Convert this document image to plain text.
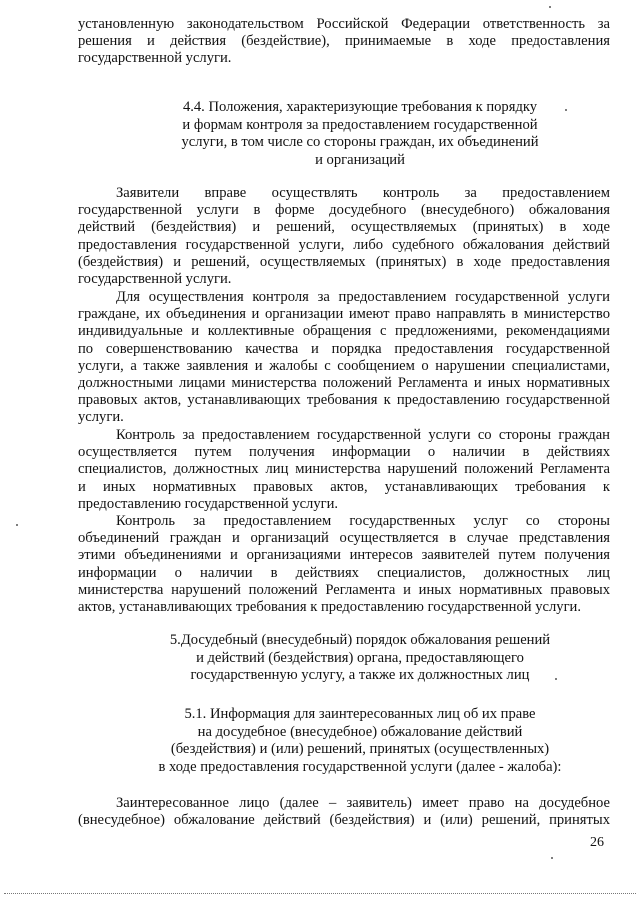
установленную законодательством Российской Федерации ответственность за
решения и действия (бездействие), принимаемые в ходе предоставления
государственной услуги.
4.4. Положения, характеризующие требования к порядку
и формам контроля за предоставлением государственной
услуги, в том числе со стороны граждан, их объединений
и организаций
Заявители вправе осуществлять контроль за предоставлением
государственной услуги в форме досудебного (внесудебного) обжалования
действий (бездействия) и решений, осуществляемых (принятых) в ходе
предоставления государственной услуги, либо судебного обжалования действий
(бездействия) и решений, осуществляемых (принятых) в ходе предоставления
государственной услуги.
Для осуществления контроля за предоставлением государственной услуги
граждане, их объединения и организации имеют право направлять в министерство
индивидуальные и коллективные обращения с предложениями, рекомендациями
по совершенствованию качества и порядка предоставления государственной
услуги, а также заявления и жалобы с сообщением о нарушении специалистами,
должностными лицами министерства положений Регламента и иных нормативных
правовых актов, устанавливающих требования к предоставлению государственной
услуги.
Контроль за предоставлением государственной услуги со стороны граждан
осуществляется путем получения информации о наличии в действиях
специалистов, должностных лиц министерства нарушений положений Регламента
и иных нормативных правовых актов, устанавливающих требования к
предоставлению государственной услуги.
Контроль за предоставлением государственных услуг со стороны
объединений граждан и организаций осуществляется в случае представления
этими объединениями и организациями интересов заявителей путем получения
информации о наличии в действиях специалистов, должностных лиц
министерства нарушений положений Регламента и иных нормативных правовых
актов, устанавливающих требования к предоставлению государственной услуги.
5.Досудебный (внесудебный) порядок обжалования решений
и действий (бездействия) органа, предоставляющего
государственную услугу, а также их должностных лиц
5.1. Информация для заинтересованных лиц об их праве
на досудебное (внесудебное) обжалование действий
(бездействия) и (или) решений, принятых (осуществленных)
в ходе предоставления государственной услуги (далее - жалоба):
Заинтересованное лицо (далее – заявитель) имеет право на досудебное
(внесудебное) обжалование действий (бездействия) и (или) решений, принятых
26
